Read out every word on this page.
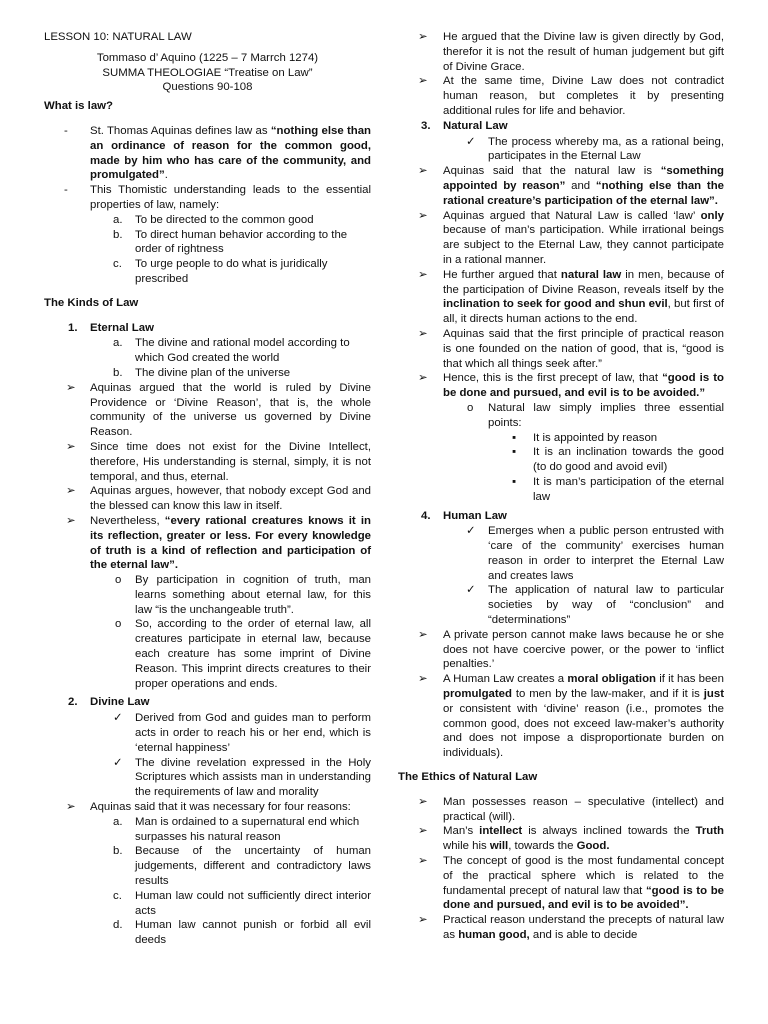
LESSON 10: NATURAL LAW

Tommaso d’ Aquino (1225 – 7 Marrch 1274)

SUMMA THEOLOGIAE “Treatise on Law”

Questions 90-108

What is law?

- St. Thomas Aquinas defines law as “nothing else than an ordinance of reason for the common good, made by him who has care of the community, and promulgated”.

- This Thomistic understanding leads to the essential properties of law, namely:

a. To be directed to the common good

b. To direct human behavior according to the order of rightness

c. To urge people to do what is juridically prescribed

The Kinds of Law

1. Eternal Law
a. The divine and rational model according to which God created the world

b. The divine plan of the universe

➢ Aquinas argued that the world is ruled by Divine Providence or ‘Divine Reason’, that is, the whole community of the universe us governed by Divine Reason.

➢ Since time does not exist for the Divine Intellect, therefore, His understanding is sternal, simply, it is not temporal, and thus, eternal.

➢ Aquinas argues, however, that nobody except God and the blessed can know this law in itself.

➢ Nevertheless, “every rational creatures knows it in its reflection, greater or less. For every knowledge of truth is a kind of reflection and participation of the eternal law”.

o By participation in cognition of truth, man learns something about eternal law, for this law “is the unchangeable truth”.

o So, according to the order of eternal law, all creatures participate in eternal law, because each creature has some imprint of Divine Reason. This imprint directs creatures to their proper operations and ends.

2. Divine Law
✓ Derived from God and guides man to perform acts in order to reach his or her end, which is ‘eternal happiness’

✓ The divine revelation expressed in the Holy Scriptures which assists man in understanding the requirements of law and morality

➢ Aquinas said that it was necessary for four reasons:

a. Man is ordained to a supernatural end which surpasses his natural reason

b. Because of the uncertainty of human judgements, different and contradictory laws results

c. Human law could not sufficiently direct interior acts

d. Human law cannot punish or forbid all evil deeds

➢ He argued that the Divine law is given directly by God, therefor it is not the result of human judgement but gift of Divine Grace.

➢ At the same time, Divine Law does not contradict human reason, but completes it by presenting additional rules for life and behavior.

3. Natural Law
✓ The process whereby ma, as a rational being, participates in the Eternal Law

➢ Aquinas said that the natural law is “something appointed by reason” and “nothing else than the rational creature’s participation of the eternal law”.

➢ Aquinas argued that Natural Law is called ‘law’ only because of man’s participation. While irrational beings are subject to the Eternal Law, they cannot participate in a rational manner.

➢ He further argued that natural law in men, because of the participation of Divine Reason, reveals itself by the inclination to seek for good and shun evil, but first of all, it directs human actions to the end.

➢ Aquinas said that the first principle of practical reason is one founded on the nation of good, that is, “good is that which all things seek after.”

➢ Hence, this is the first precept of law, that “good is to be done and pursued, and evil is to be avoided.”

o Natural law simply implies three essential points:

▪ It is appointed by reason

▪ It is an inclination towards the good (to do good and avoid evil)

▪ It is man’s participation of the eternal law

4. Human Law
✓ Emerges when a public person entrusted with ‘care of the community’ exercises human reason in order to interpret the Eternal Law and creates laws

✓ The application of natural law to particular societies by way of “conclusion” and “determinations”

➢ A private person cannot make laws because he or she does not have coercive power, or the power to ‘inflict penalties.’

➢ A Human Law creates a moral obligation if it has been promulgated to men by the law-maker, and if it is just or consistent with ‘divine’ reason (i.e., promotes the common good, does not exceed law-maker’s authority and does not impose a disproportionate burden on individuals).

The Ethics of Natural Law

➢ Man possesses reason – speculative (intellect) and practical (will).

➢ Man’s intellect is always inclined towards the Truth while his will, towards the Good.

➢ The concept of good is the most fundamental concept of the practical sphere which is related to the fundamental precept of natural law that “good is to be done and pursued, and evil is to be avoided”.

➢ Practical reason understand the precepts of natural law as human good, and is able to decide
